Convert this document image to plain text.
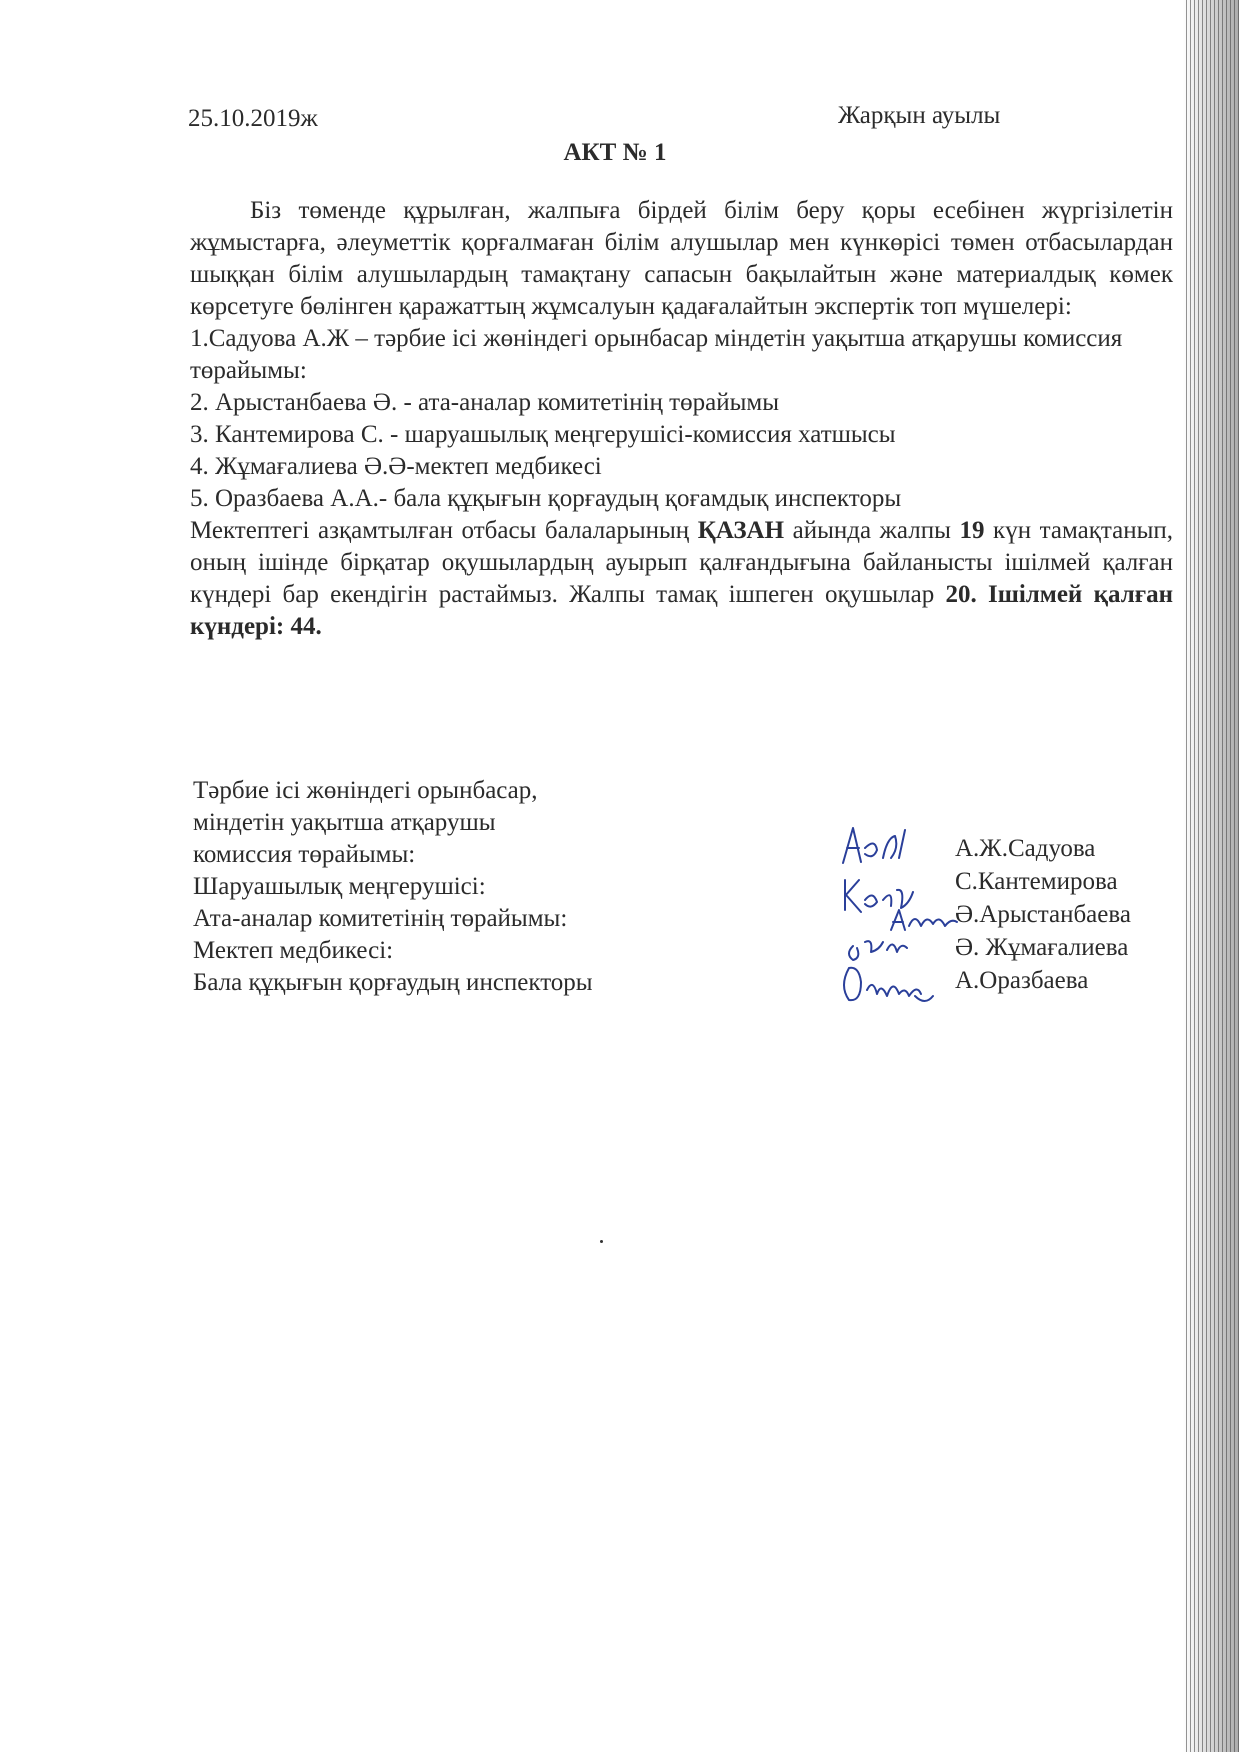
25.10.2019ж	Жарқын ауылы
АКТ № 1

Біз төменде құрылған, жалпыға бірдей білім беру қоры есебінен жүргізілетін жұмыстарға, әлеуметтік қорғалмаған білім алушылар мен күнкөрісі төмен отбасылардан шыққан білім алушылардың тамақтану сапасын бақылайтын және материалдық көмек көрсетуге бөлінген қаражаттың жұмсалуын қадағалайтын экспертік топ мүшелері:

1.Садуова А.Ж – тәрбие ісі жөніндегі орынбасар міндетін уақытша атқарушы комиссия төрайымы:

2. Арыстанбаева Ә. - ата-аналар комитетінің төрайымы

3. Кантемирова С. - шаруашылық меңгерушісі-комиссия хатшысы

4. Жұмағалиева Ә.Ә-мектеп медбикесі

5. Оразбаева А.А.- бала құқығын қорғаудың қоғамдық инспекторы

Мектептегі азқамтылған отбасы балаларының ҚАЗАН айында жалпы 19 күн тамақтанып, оның ішінде бірқатар оқушылардың ауырып қалғандығына байланысты ішілмей қалған күндері бар екендігін растаймыз. Жалпы тамақ ішпеген оқушылар 20. Ішілмей қалған күндері: 44.

Тәрбие ісі жөніндегі орынбасар,
міндетін уақытша атқарушы
комиссия төрайымы:
Шаруашылық меңгерушісі:
Ата-аналар комитетінің төрайымы:
Мектеп медбикесі:
Бала құқығын қорғаудың инспекторы
А.Ж.Садуова
С.Кантемирова
Ә.Арыстанбаева
Ә. Жұмағалиева
А.Оразбаева
